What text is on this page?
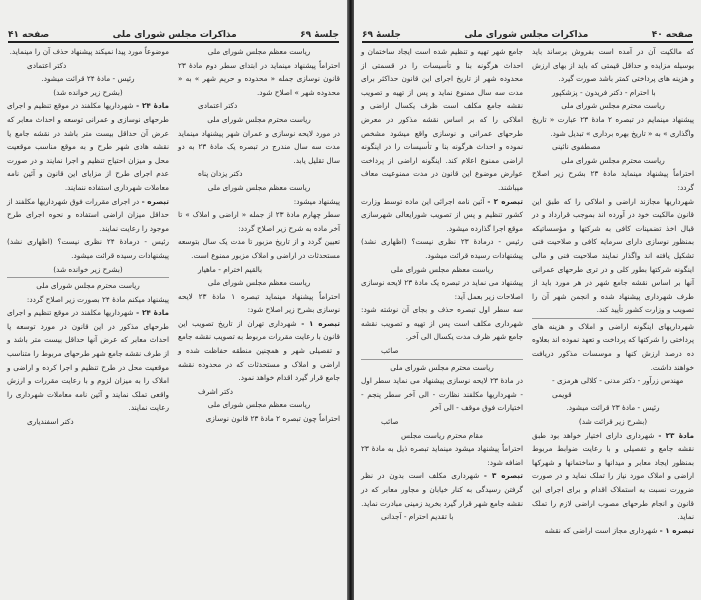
جلسهٔ ۶۹
مذاکرات مجلس شورای ملی
صفحه ۴۱

ریاست معظم مجلس شورای ملی

احتراماً پیشنهاد مینماید در ابتدای سطر دوم مادهٔ ۲۳ قانون نوسازی جمله « محدوده و حریم شهر » به « محدوده شهر » اصلاح شود.

دکتر اعتمادی

ریاست محترم مجلس شورای ملی

در مورد لایحه نوسازی و عمران شهر پیشنهاد مینماید مدت سه سال مندرج در تبصره یک مادهٔ ۲۳ به دو سال تقلیل یابد.

دکتر یزدان پناه

ریاست معظم مجلس شورای ملی

پیشنهاد میشود:

سطر چهارم مادهٔ ۲۳ از جمله « اراضی و املاک » تا آخر ماده به شرح زیر اصلاح گردد:

تعیین گردد و از تاریخ مزبور تا مدت یک سال بتوسعه مستحدثات در اراضی و املاک مزبور ممنوع است.

بالقیم اخترام - ماهیار

ریاست معظم مجلس شورای ملی

احتراماً پیشنهاد مینماید تبصره ۱ مادهٔ ۲۳ لایحه نوسازی بشرح زیر اصلاح شود:

تبصره ۱ - شهرداری تهران از تاریخ تصویب این قانون با رعایت مقررات مربوط به تصویب نقشه جامع و تفصیلی شهر و همچنین منطقه حفاظت شده و اراضی و املاک و مستحدثات که در محدوده نقشه جامع قرار گیرد اقدام خواهد نمود.

دکتر اشرف

ریاست معظم مجلس شورای ملی

احتراماً چون تبصره ۲ مادهٔ ۲۳ قانون نوسازی

موضوعاً مورد پیدا نمیکند پیشنهاد حذف آن را مینماید.

دکتر اعتمادی

رئیس - مادهٔ ۲۴ قرائت میشود.

(بشرح زیر خوانده شد)

مادهٔ ۲۴ - شهرداریها مکلفند در موقع تنظیم و اجرای طرحهای نوسازی و عمرانی توسعه و احداث معابر که عرض آن حداقل بیست متر باشد در نقشه جامع یا نقشه هادی شهر طرح و به موقع مناسب موقعیت محل و میزان احتیاج تنظیم و اجرا نمایند و در صورت عدم اجرای طرح از مزایای این قانون و آئین نامه معاملات شهرداری استفاده ننمایند.

تبصره - در اجرای مقررات فوق شهرداریها مکلفند از حداقل میزان اراضی استفاده و نحوه اجرای طرح موجود را رعایت نمایند.

رئیس - درمادهٔ ۲۴ نظری نیست؟ (اظهاری نشد) پیشنهادات رسیده قرائت میشود.

(بشرح زیر خوانده شد)

ریاست محترم مجلس شورای ملی

پیشنهاد میکنم مادهٔ ۲۴ بصورت زیر اصلاح گردد:

مادهٔ ۲۴ - شهرداریها مکلفند در موقع تنظیم و اجرای طرحهای مذکور در این قانون در مورد توسعه یا احداث معابر که عرض آنها حداقل بیست متر باشد و از طرف نقشه جامع شهر طرحهای مربوط را متناسب موقعیت محل در طرح تنظیم و اجرا کرده و اراضی و املاک را به میزان لزوم و با رعایت مقررات و ارزش واقعی تملک نمایند و آئین نامه معاملات شهرداری را رعایت نمایند.

دکتر اسفندیاری

صفحه ۴۰
مذاکرات مجلس شورای ملی
جلسهٔ ۶۹

که مالکیت آن در آمده است بفروش برساند باید بوسیله مزایده و حداقل قیمتی که باید از بهای ارزش و هزینه های پرداختی کمتر باشد صورت گیرد.

با احترام - دکتر فریدون - پزشکپور

ریاست محترم مجلس شورای ملی

پیشنهاد مینمایم در تبصره ۲ مادهٔ ۲۳ عبارت « تاریخ واگذاری » به « تاریخ بهره برداری » تبدیل شود.

مصطفوی نائینی

ریاست محترم مجلس شورای ملی

احتراماً پیشنهاد مینماید مادهٔ ۲۳ بشرح زیر اصلاح گردد:

شهرداریها مجازند اراضی و املاکی را که طبق این قانون مالکیت خود در آورده اند بموجب قرارداد و در قبال اخذ تضمینات کافی به شرکتها و مؤسساتیکه بمنظور نوسازی دارای سرمایه کافی و صلاحیت فنی تشکیل یافته اند واگذار نمایند صلاحیت فنی و مالی اینگونه شرکتها بطور کلی و در تری طرحهای عمرانی آنها بر اساس نقشه جامع شهر در هر مورد باید از طرف شهرداری پیشنهاد شده و انجمن شهر آن را تصویب و وزارت کشور تأیید کند.

شهرداریهای اینگونه اراضی و املاک و هزینه های پرداختی را شرکتها که پرداخت و تعهد نموده اند بعلاوه ده درصد ارزش کنها و موسسات مذکور دریافت خواهند داشت.

مهندس زرآور - دکتر مدنی - کلالی هرمزی - قویمی

رئیس - مادهٔ ۲۳ قرائت میشود.

(بشرح زیر قرائت شد)

مادهٔ ۲۳ - شهرداری دارای اختیار خواهد بود طبق نقشه جامع و تفصیلی و با رعایت ضوابط مربوط بمنظور ایجاد معابر و میدانها و ساختمانها و شهرکها اراضی و املاک مورد نیاز را تملک نماید و در صورت ضرورت نسبت به استملاک اقدام و برای اجرای این قانون و انجام طرحهای مصوب اراضی لازم را تملک نماید.

تبصره ۱ - شهرداری مجاز است اراضی که نقشه

جامع شهر تهیه و تنظیم شده است ایجاد ساختمان و احداث هرگونه بنا و تأسیسات را در قسمتی از محدوده شهر از تاریخ اجرای این قانون حداکثر برای مدت سه سال ممنوع نماید و پس از تهیه و تصویب نقشه جامع مکلف است ظرف یکسال اراضی و املاکی را که بر اساس نقشه مذکور در معرض طرحهای عمرانی و نوسازی واقع میشود مشخص نموده و احداث هرگونه بنا و تأسیسات را در اینگونه اراضی ممنوع اعلام کند. اینگونه اراضی از پرداخت عوارض موضوع این قانون در مدت ممنوعیت معاف میباشند.

تبصره ۲ - آئین نامه اجرائی این ماده توسط وزارت کشور تنظیم و پس از تصویب شورایعالی شهرسازی موقع اجرا گذارده میشود.

رئیس - درمادهٔ ۲۳ نظری نیست؟ (اظهاری نشد) پیشنهادات رسیده قرائت میشود.

ریاست معظم مجلس شورای ملی

پیشنهاد می نماید در تبصره یک مادهٔ ۲۳ لایحه نوسازی اصلاحات زیر بعمل آید:

سه سطر اول تبصره حذف و بجای آن نوشته شود: شهرداری مکلف است پس از تهیه و تصویب نقشه جامع شهر ظرف مدت یکسال الی آخر.

صائب

ریاست محترم مجلس شورای ملی

در مادهٔ ۲۳ لایحه نوسازی پیشنهاد می نماید سطر اول - شهرداریها مکلفند نظارت - الی آخر سطر پنجم - اختیارات فوق موقف - الی آخر

صائب

مقام محترم ریاست مجلس

احتراماً پیشنهاد میشود مینماید تبصره ذیل به مادهٔ ۲۳ اضافه شود:

تبصره ۳ - شهرداری مکلف است بدون در نظر گرفتن رسیدگی به کنار خیابان و مجاور معابر که در نقشه جامع شهر قرار گیرد بخرید زمینی مبادرت نماید.

با تقدیم احترام - آجدانی
